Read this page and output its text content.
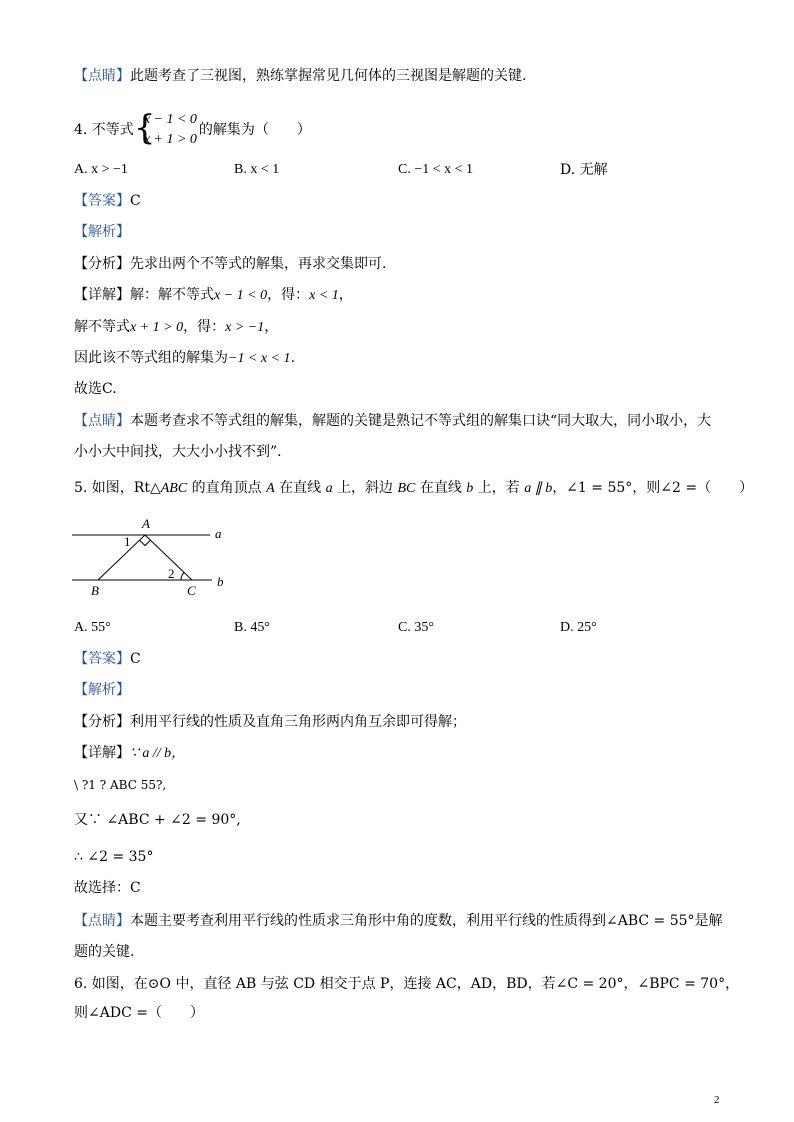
【点睛】此题考查了三视图，熟练掌握常见几何体的三视图是解题的关键.
4. 不等式 {
x − 1 < 0
x + 1 > 0
的解集为（　　）
A. x > −1	B. x < 1	C. −1 < x < 1	D. 无解
【答案】C
【解析】
【分析】先求出两个不等式的解集，再求交集即可.
【详解】解：解不等式x − 1 < 0，得：x < 1，
解不等式x + 1 > 0，得：x > −1，
因此该不等式组的解集为−1 < x < 1.
故选C.
【点睛】本题考查求不等式组的解集，解题的关键是熟记不等式组的解集口诀“同大取大，同小取小，大
小小大中间找，大大小小找不到”．
5. 如图，Rt△ABC 的直角顶点 A 在直线 a 上，斜边 BC 在直线 b 上，若 a ∥ b，∠1 = 55°，则∠2 =（　　）
A
a
1
2
B	C
b
A. 55°	B. 45°	C. 35°	D. 25°
【答案】C
【解析】
【分析】利用平行线的性质及直角三角形两内角互余即可得解；
【详解】∵ a // b，
\ ?1 ? ABC 55?,
又∵ ∠ABC + ∠2 = 90°,
∴ ∠2 = 35°
故选择：C
【点睛】本题主要考查利用平行线的性质求三角形中角的度数，利用平行线的性质得到∠ABC = 55°是解
题的关键.
6. 如图，在⊙O 中，直径 AB 与弦 CD 相交于点 P，连接 AC，AD，BD，若∠C = 20°，∠BPC = 70°，
则∠ADC =（　　）
2
